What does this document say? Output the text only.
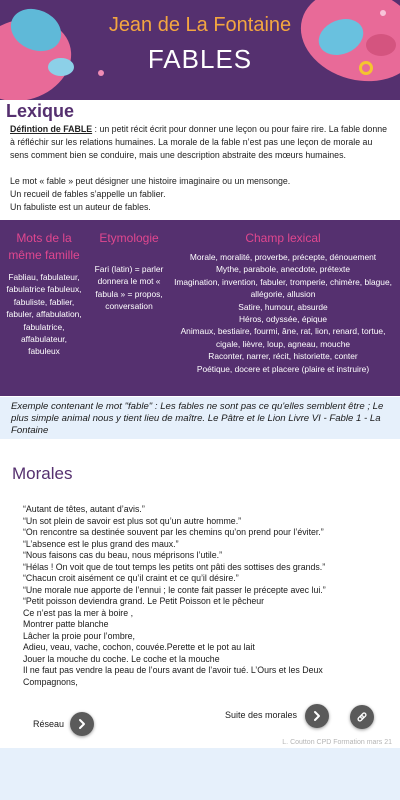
Jean de La Fontaine
FABLES
Lexique

Défintion de FABLE : un petit récit écrit pour donner une leçon ou pour faire rire. La fable donne à réfléchir sur les relations humaines. La morale de la fable n’est pas une leçon de morale au sens comment bien se conduire, mais une description abstraite des mœurs humaines.

Le mot « fable » peut désigner une histoire imaginaire ou un mensonge.

Un recueil de fables s’appelle un fablier.

Un fabuliste est un auteur de fables.

Mots de la même famille
Fabliau, fabulateur, fabulatrice fabuleux, fabuliste, fablier, fabuler, affabulation, fabulatrice, affabulateur, fabuleux
Etymologie
Fari (latin) = parler donnera le mot « fabula » = propos, conversation
Champ lexical
Morale, moralité, proverbe, précepte, dénouement
Mythe, parabole, anecdote, prétexte
Imagination, invention, fabuler, tromperie, chimère, blague, allégorie, allusion
Satire, humour, absurde
Héros, odyssée, épique
Animaux, bestiaire, fourmi, âne, rat, lion, renard, tortue, cigale, lièvre, loup, agneau, mouche
Raconter, narrer, récit, historiette, conter
Poétique, docere et placere (plaire et instruire)
Exemple contenant le mot "fable" : Les fables ne sont pas ce qu'elles semblent être ; Le plus simple animal nous y tient lieu de maître. Le Pâtre et le Lion Livre VI - Fable 1 - La Fontaine
Morales
“Autant de têtes, autant d’avis.”
“Un sot plein de savoir est plus sot qu’un autre homme.”
“On rencontre sa destinée souvent par les chemins qu’on prend pour l’éviter.”
“L’absence est le plus grand des maux.”
“Nous faisons cas du beau, nous méprisons l’utile.”
“Hélas ! On voit que de tout temps les petits ont pâti des sottises des grands.”
“Chacun croit aisément ce qu’il craint et ce qu’il désire.”
“Une morale nue apporte de l’ennui ; le conte fait passer le précepte avec lui.”
“Petit poisson deviendra grand. Le Petit Poisson et le pêcheur
Ce n’est pas la mer à boire ,
Montrer patte blanche
Lâcher la proie pour l’ombre,
Adieu, veau, vache, cochon, couvée.Perette et le pot au lait
Jouer la mouche du coche. Le coche et la mouche
Il ne faut pas vendre la peau de l’ours avant de l’avoir tué. L’Ours et les Deux Compagnons,
Réseau
Suite des morales
L. Coutton CPD Formation mars 21
